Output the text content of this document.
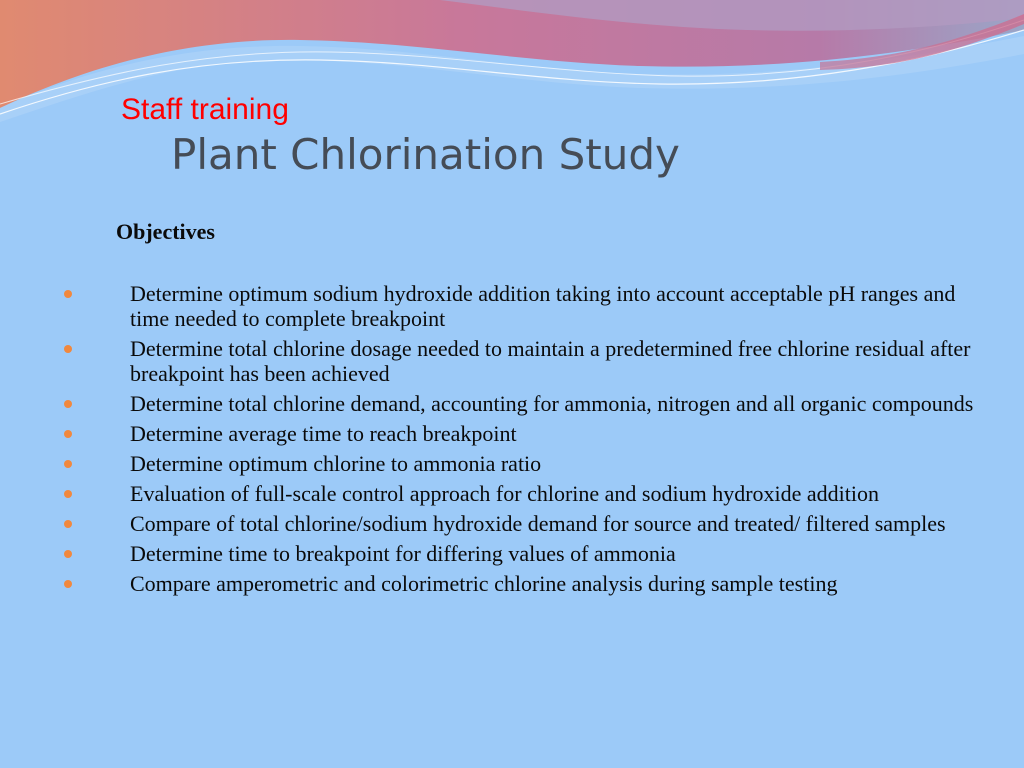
Staff training
Plant Chlorination Study
Objectives
Determine optimum sodium hydroxide addition taking into account acceptable pH ranges and time needed to complete breakpoint
Determine total chlorine dosage needed to maintain a predetermined free chlorine residual after breakpoint has been achieved
Determine total chlorine demand, accounting for ammonia, nitrogen and all organic compounds
Determine average time to reach breakpoint
Determine optimum chlorine to ammonia ratio
Evaluation of full-scale control approach for chlorine and sodium hydroxide addition
Compare of total chlorine/sodium hydroxide demand for source and treated/ filtered samples
Determine time to breakpoint for differing values of ammonia
Compare amperometric and colorimetric chlorine analysis during sample testing
